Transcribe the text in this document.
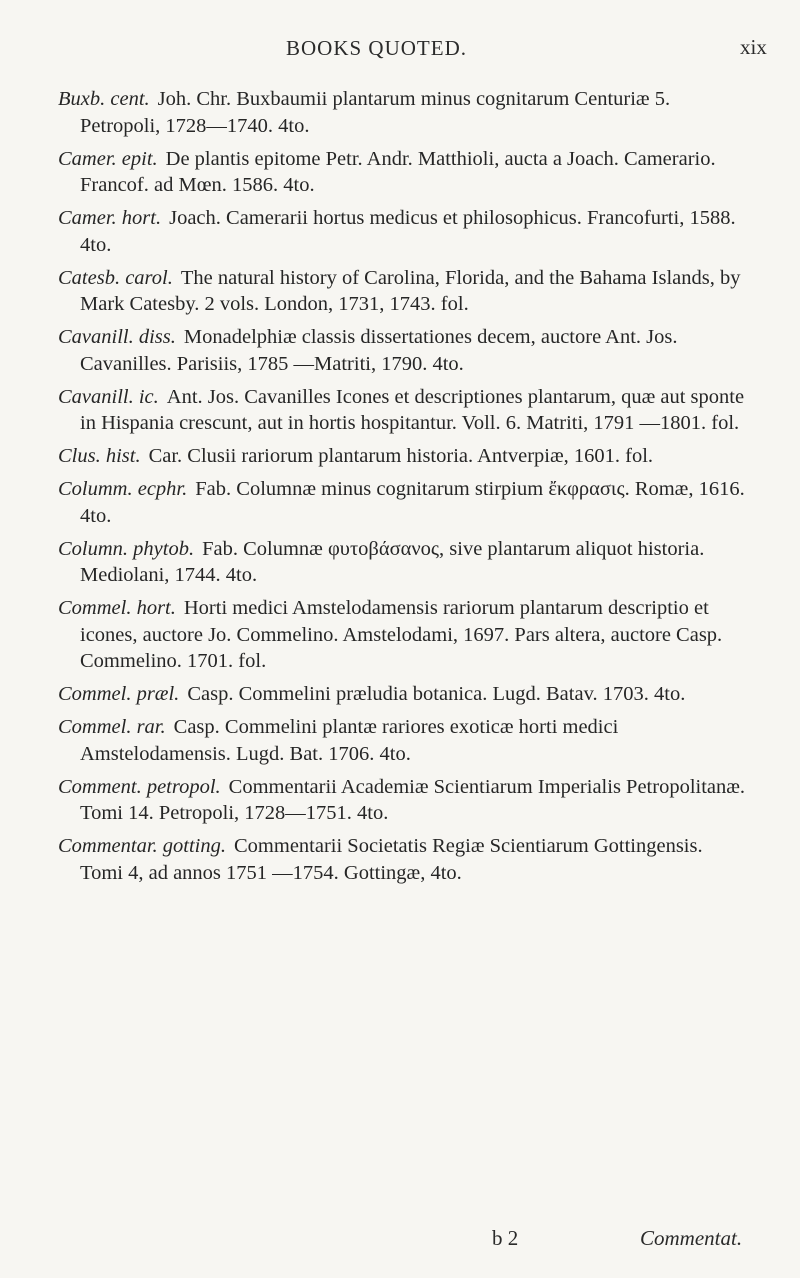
BOOKS QUOTED.	xix

Buxb. cent. Joh. Chr. Buxbaumii plantarum minus cognitarum Centuriæ 5. Petropoli, 1728—1740. 4to.

Camer. epit. De plantis epitome Petr. Andr. Matthioli, aucta a Joach. Camerario. Francof. ad Mœn. 1586. 4to.

Camer. hort. Joach. Camerarii hortus medicus et philosophicus. Francofurti, 1588. 4to.

Catesb. carol. The natural history of Carolina, Florida, and the Bahama Islands, by Mark Catesby. 2 vols. London, 1731, 1743. fol.

Cavanill. diss. Monadelphiæ classis dissertationes decem, auctore Ant. Jos. Cavanilles. Parisiis, 1785 —Matriti, 1790. 4to.

Cavanill. ic. Ant. Jos. Cavanilles Icones et descriptiones plantarum, quæ aut sponte in Hispania crescunt, aut in hortis hospitantur. Voll. 6. Matriti, 1791 —1801. fol.

Clus. hist. Car. Clusii rariorum plantarum historia. Antverpiæ, 1601. fol.

Columm. ecphr. Fab. Columnæ minus cognitarum stirpium ἔκφρασις. Romæ, 1616. 4to.

Column. phytob. Fab. Columnæ φυτοβάσανος, sive plantarum aliquot historia. Mediolani, 1744. 4to.

Commel. hort. Horti medici Amstelodamensis rariorum plantarum descriptio et icones, auctore Jo. Commelino. Amstelodami, 1697. Pars altera, auctore Casp. Commelino. 1701. fol.

Commel. præl. Casp. Commelini præludia botanica. Lugd. Batav. 1703. 4to.

Commel. rar. Casp. Commelini plantæ rariores exoticæ horti medici Amstelodamensis. Lugd. Bat. 1706. 4to.

Comment. petropol. Commentarii Academiæ Scientiarum Imperialis Petropolitanæ. Tomi 14. Petropoli, 1728—1751. 4to.

Commentar. gotting. Commentarii Societatis Regiæ Scientiarum Gottingensis. Tomi 4, ad annos 1751 —1754. Gottingæ, 4to.

b 2	Commentat.
